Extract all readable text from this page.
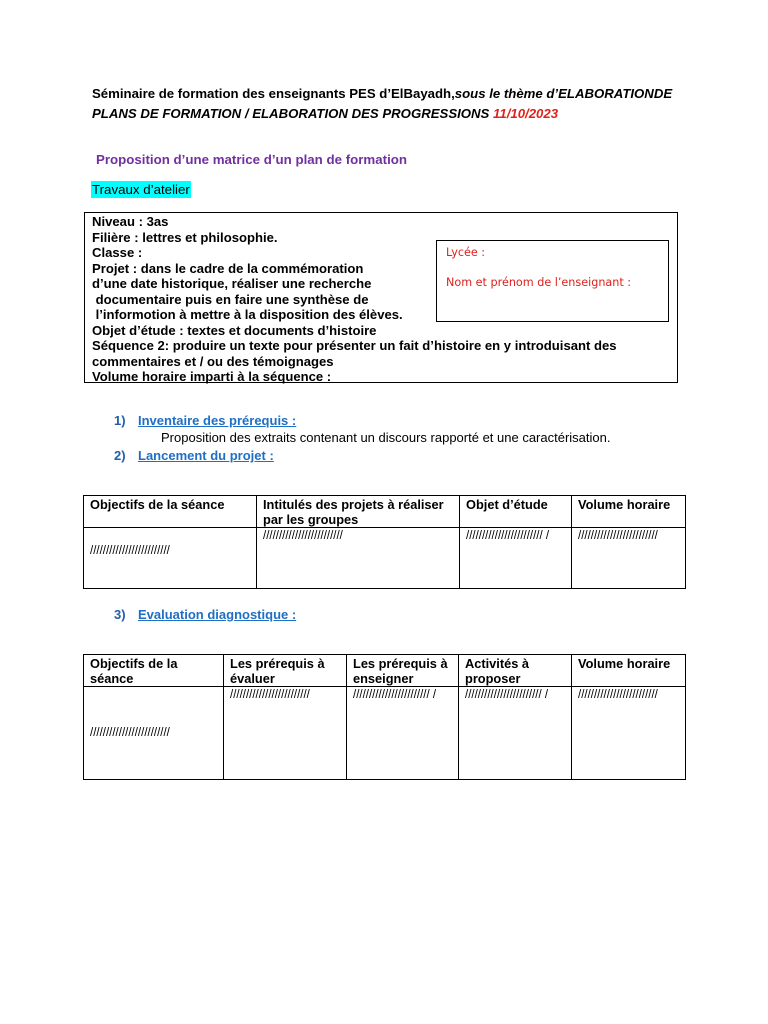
Séminaire de formation des enseignants PES d’ElBayadh,sous le thème d’ELABORATIONDE PLANS DE FORMATION / ELABORATION DES PROGRESSIONS 11/10/2023
Proposition d’une matrice d’un plan de formation
Travaux d’atelier
Niveau : 3as
Filière : lettres et philosophie.
Classe :
Projet : dans le cadre de la commémoration
d’une date historique, réaliser une recherche
documentaire puis en faire une synthèse de
l’informotion à mettre à la disposition des élèves.
Objet d’étude : textes et documents d’histoire
Séquence 2: produire un texte pour présenter un fait d’histoire en y introduisant des
commentaires et / ou des témoignages
Volume horaire imparti à la séquence :
Lycée :
Nom et prénom de l’enseignant :
1) Inventaire des prérequis :
Proposition des extraits contenant un discours rapporté et une caractérisation.
2) Lancement du projet :
Objectifs de la séance	Intitulés des projets à réaliser par les groupes	Objet d’étude	Volume horaire
/////////////////////////	/////////////////////////	//////////////////////// /	/////////////////////////
3) Evaluation diagnostique :
Objectifs de la séance	Les prérequis à évaluer	Les prérequis à enseigner	Activités à proposer	Volume horaire
/////////////////////////	/////////////////////////	//////////////////////// /	//////////////////////// /	/////////////////////////
